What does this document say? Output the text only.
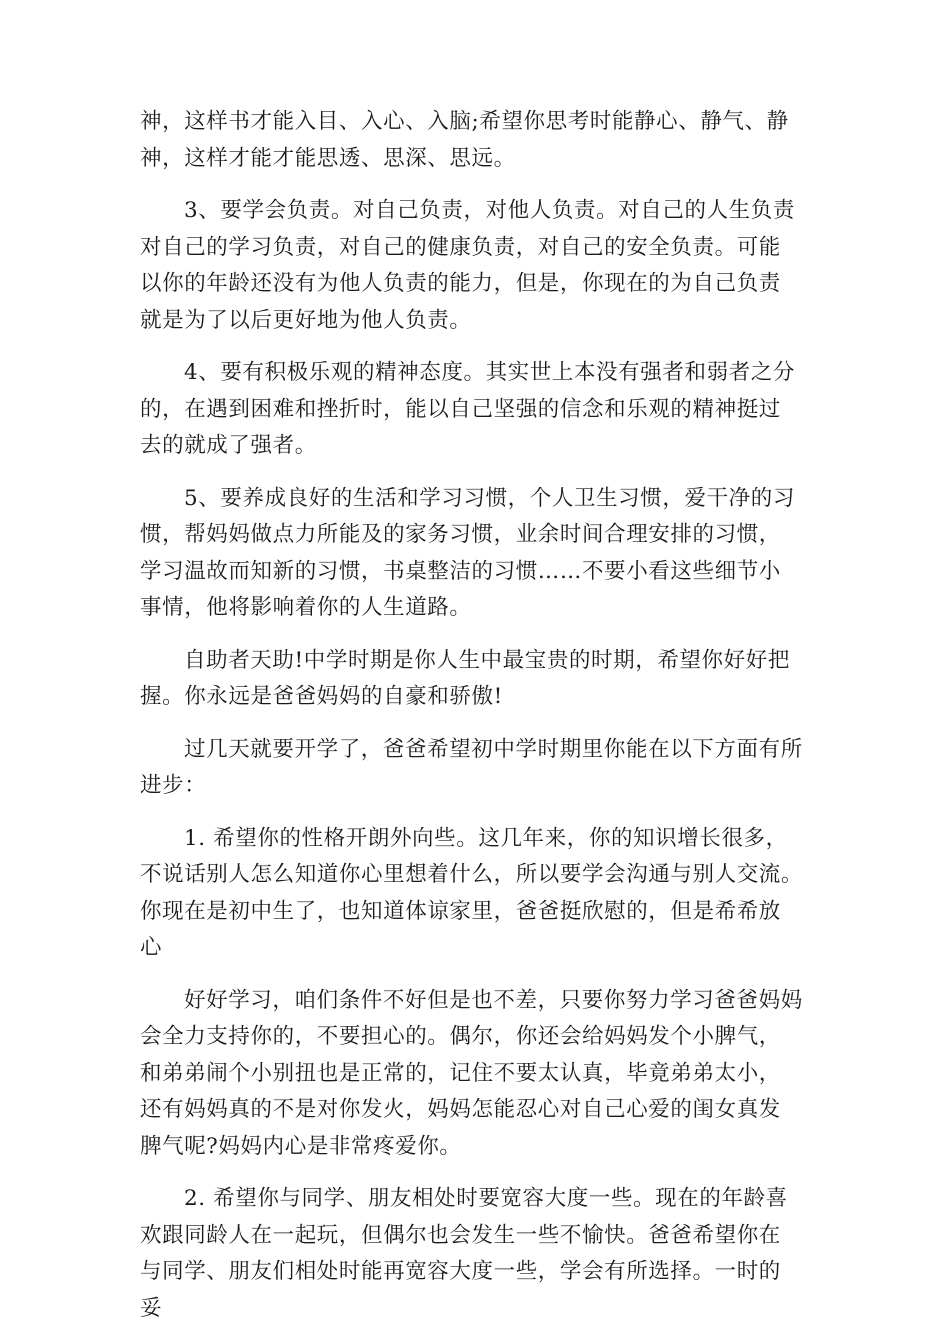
神，这样书才能入目、入心、入脑;希望你思考时能静心、静气、静
神，这样才能才能思透、思深、思远。

3、要学会负责。对自己负责，对他人负责。对自己的人生负责
对自己的学习负责，对自己的健康负责，对自己的安全负责。可能
以你的年龄还没有为他人负责的能力，但是，你现在的为自己负责
就是为了以后更好地为他人负责。

4、要有积极乐观的精神态度。其实世上本没有强者和弱者之分
的，在遇到困难和挫折时，能以自己坚强的信念和乐观的精神挺过
去的就成了强者。

5、要养成良好的生活和学习习惯，个人卫生习惯，爱干净的习
惯，帮妈妈做点力所能及的家务习惯，业余时间合理安排的习惯，
学习温故而知新的习惯，书桌整洁的习惯……不要小看这些细节小
事情，他将影响着你的人生道路。

自助者天助!中学时期是你人生中最宝贵的时期，希望你好好把
握。你永远是爸爸妈妈的自豪和骄傲!

过几天就要开学了，爸爸希望初中学时期里你能在以下方面有所
进步：

1. 希望你的性格开朗外向些。这几年来，你的知识增长很多，
不说话别人怎么知道你心里想着什么，所以要学会沟通与别人交流。
你现在是初中生了，也知道体谅家里，爸爸挺欣慰的，但是希希放
心

好好学习，咱们条件不好但是也不差，只要你努力学习爸爸妈妈
会全力支持你的，不要担心的。偶尔，你还会给妈妈发个小脾气，
和弟弟闹个小别扭也是正常的，记住不要太认真，毕竟弟弟太小，
还有妈妈真的不是对你发火，妈妈怎能忍心对自己心爱的闺女真发
脾气呢?妈妈内心是非常疼爱你。

2. 希望你与同学、朋友相处时要宽容大度一些。现在的年龄喜
欢跟同龄人在一起玩，但偶尔也会发生一些不愉快。爸爸希望你在
与同学、朋友们相处时能再宽容大度一些，学会有所选择。一时的
妥
